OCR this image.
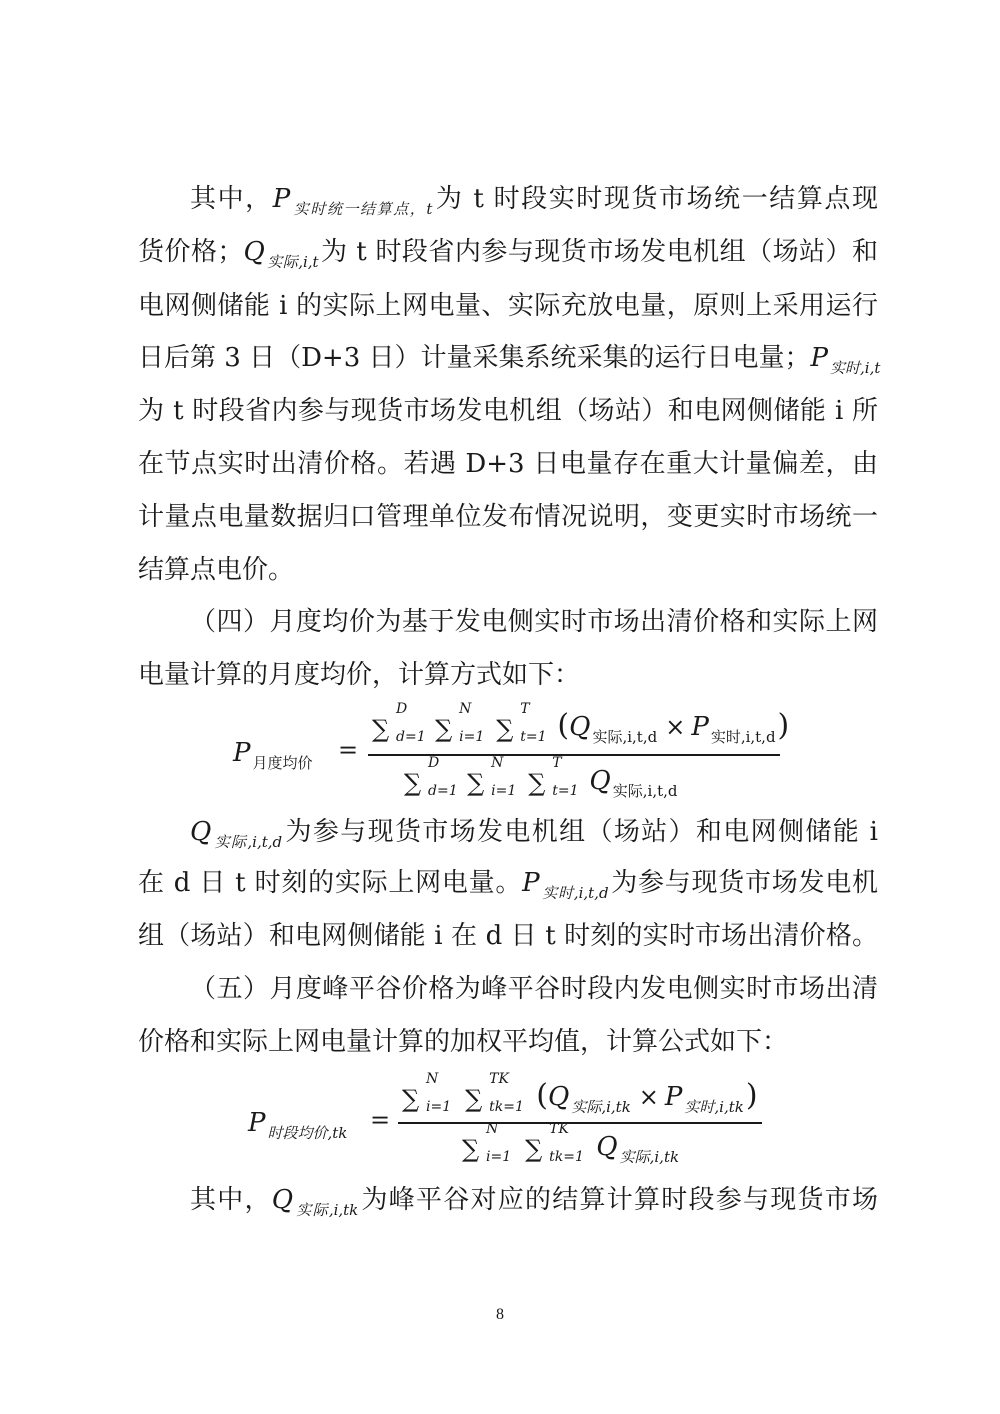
其中，P $_{实时统一结算点,t}$为 t 时段实时现货市场统一结算点现
货价格；Q $_{实际,i,t}$为 t 时段省内参与现货市场发电机组（场站）和
电网侧储能 i 的实际上网电量、实际充放电量，原则上采用运行
日后第 3 日（D+3 日）计量采集系统采集的运行日电量；P $_{实时,i,t}$
为 t 时段省内参与现货市场发电机组（场站）和电网侧储能 i 所
在节点实时出清价格。若遇 D+3 日电量存在重大计量偏差，由
计量点电量数据归口管理单位发布情况说明，变更实时市场统一
结算点电价。
（四）月度均价为基于发电侧实时市场出清价格和实际上网
电量计算的月度均价，计算方式如下：
P $_{月度均价}$ =
∑
D
d=1 ∑
N
i=1 ∑
T
t=1 (Q $_{实际,i,t,d}$ × P $_{实时,i,t,d}$)
∑
D
d=1 ∑
N
i=1 ∑
T
t=1 Q $_{实际,i,t,d}$
Q $_{实际,i,t,d}$为参与现货市场发电机组（场站）和电网侧储能 i
在 d 日 t 时刻的实际上网电量。P $_{实时,i,t,d}$为参与现货市场发电机
组（场站）和电网侧储能 i 在 d 日 t 时刻的实时市场出清价格。
（五）月度峰平谷价格为峰平谷时段内发电侧实时市场出清
价格和实际上网电量计算的加权平均值，计算公式如下：
P $_{时段均价,tk}$ =
∑
N
i=1 ∑
TK
tk=1 (Q $_{实际,i,tk}$ × P $_{实时,i,tk}$)
∑
N
i=1 ∑
TK
tk=1 Q $_{实际,i,tk}$
其中，Q $_{实际,i,tk}$为峰平谷对应的结算计算时段参与现货市场
8
